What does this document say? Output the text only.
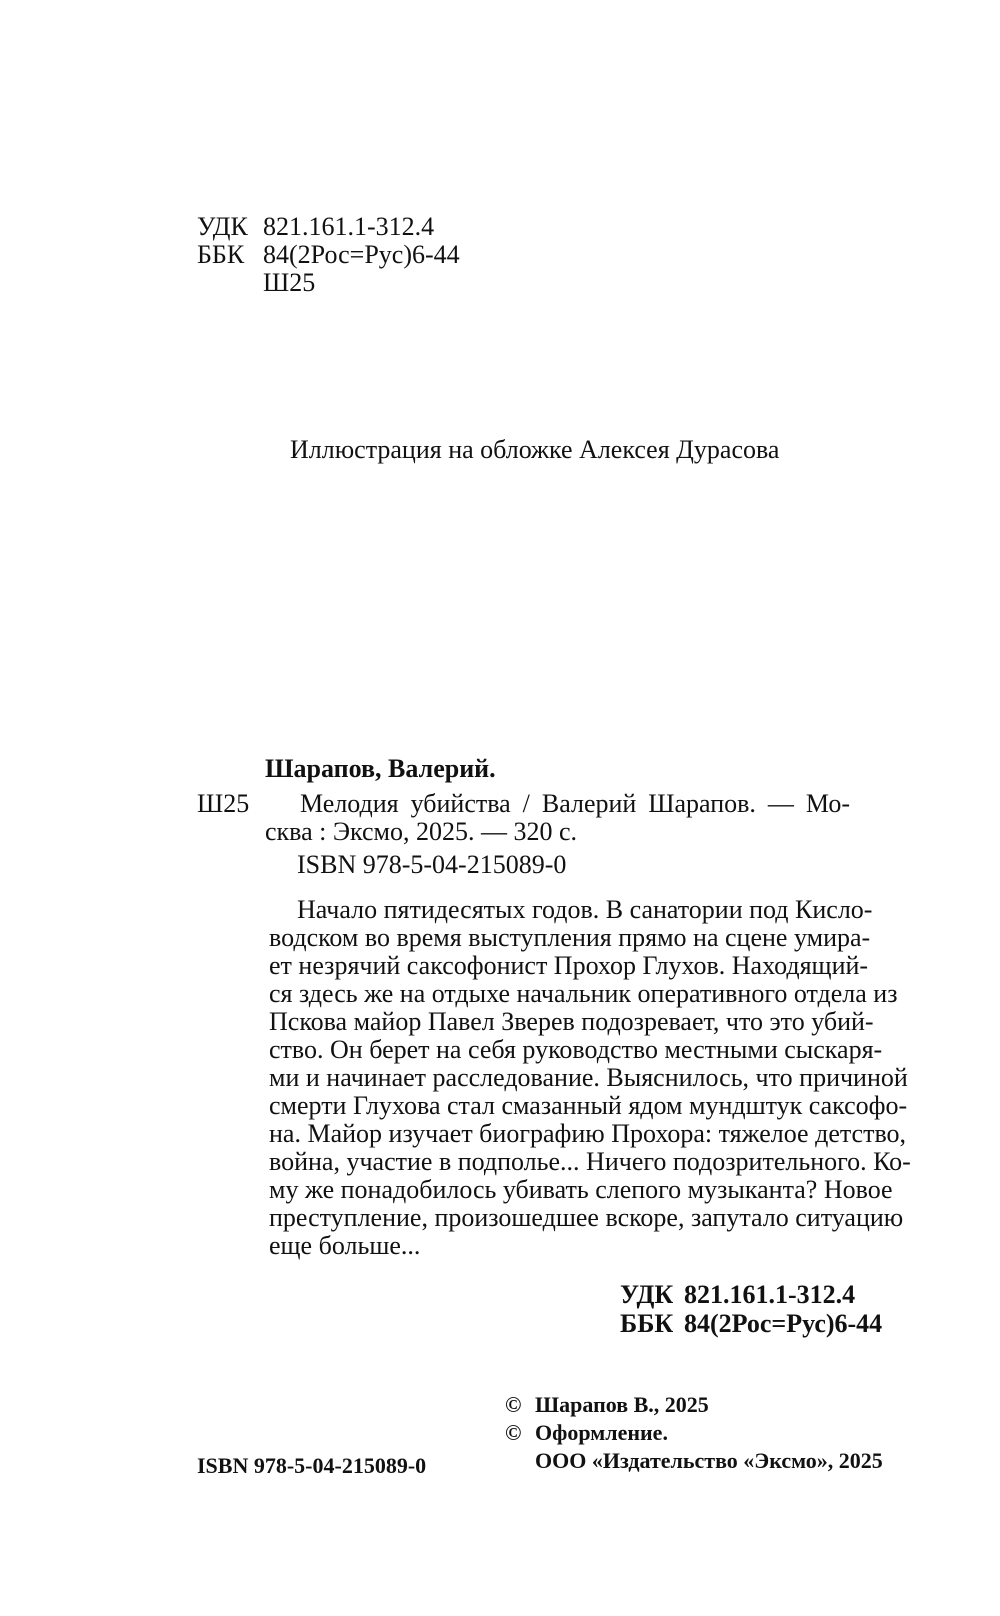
УДК 821.161.1-312.4
ББК 84(2Рос=Рус)6-44
Ш25
Иллюстрация на обложке Алексея Дурасова
Шарапов, Валерий.
Ш25 Мелодия убийства / Валерий Шарапов. — Мо-
сква : Эксмо, 2025. — 320 с.
ISBN 978-5-04-215089-0
Начало пятидесятых годов. В санатории под Кисло-
водском во время выступления прямо на сцене умира-
ет незрячий саксофонист Прохор Глухов. Находящий-
ся здесь же на отдыхе начальник оперативного отдела из
Пскова майор Павел Зверев подозревает, что это убий-
ство. Он берет на себя руководство местными сыскаря-
ми и начинает расследование. Выяснилось, что причиной
смерти Глухова стал смазанный ядом мундштук саксофо-
на. Майор изучает биографию Прохора: тяжелое детство,
война, участие в подполье... Ничего подозрительного. Ко-
му же понадобилось убивать слепого музыканта? Новое
преступление, произошедшее вскоре, запутало ситуацию
еще больше...
УДК 821.161.1-312.4
ББК 84(2Рос=Рус)6-44
© Шарапов В., 2025
© Оформление.
ООО «Издательство «Эксмо», 2025
ISBN 978-5-04-215089-0
